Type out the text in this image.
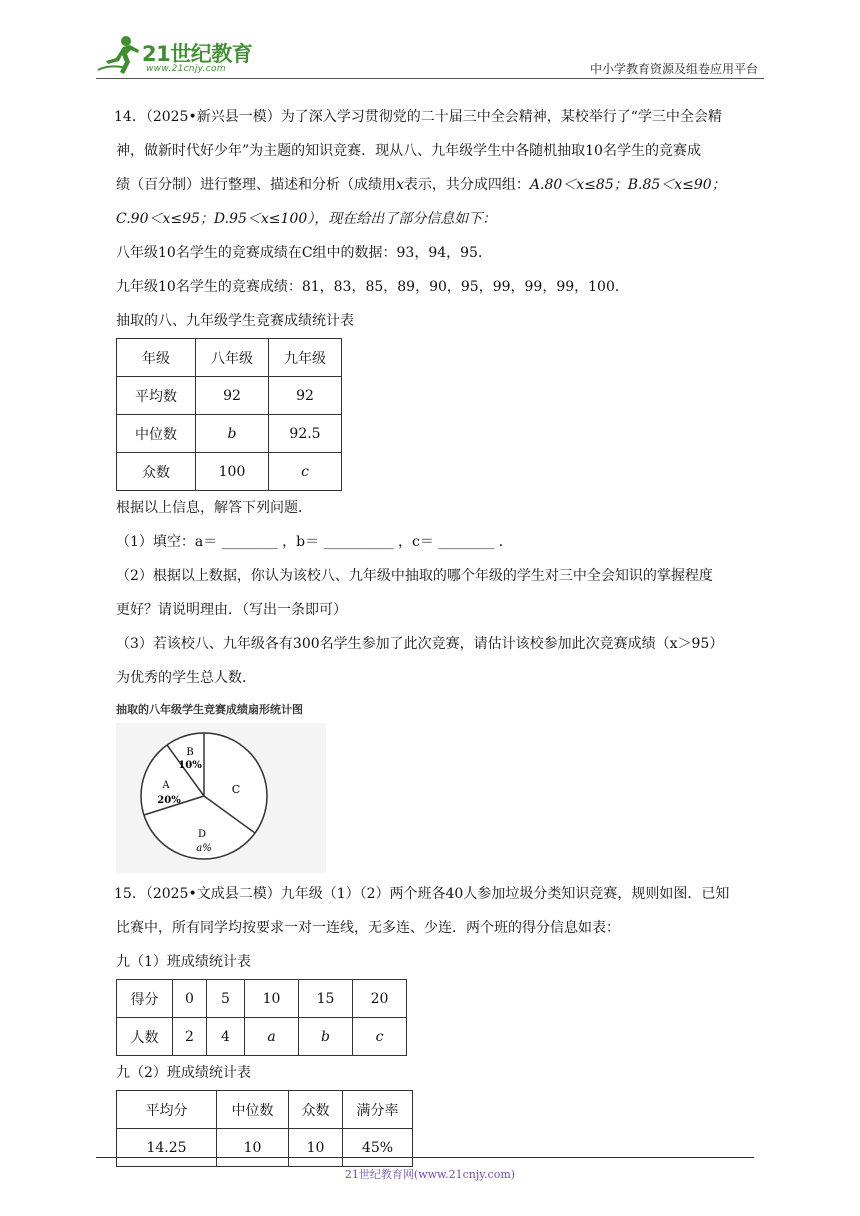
21世纪教育
www.21cnjy.com	中小学教育资源及组卷应用平台
14．（2025•新兴县一模）为了深入学习贯彻党的二十届三中全会精神，某校举行了“学三中全会精
神，做新时代好少年”为主题的知识竞赛．现从八、九年级学生中各随机抽取10名学生的竞赛成
绩（百分制）进行整理、描述和分析（成绩用x表示，共分成四组：A.80＜x≤85；B.85＜x≤90；
C.90＜x≤95；D.95＜x≤100），现在给出了部分信息如下：
八年级10名学生的竞赛成绩在C组中的数据：93，94，95．
九年级10名学生的竞赛成绩：81，83，85，89，90，95，99，99，99，100．
抽取的八、九年级学生竞赛成绩统计表
年级	八年级	九年级
平均数	92	92
中位数	b	92.5
众数	100	c
根据以上信息，解答下列问题．
（1）填空：a＝ ________ ，b＝ __________ ，c＝ ________ ．
（2）根据以上数据，你认为该校八、九年级中抽取的哪个年级的学生对三中全会知识的掌握程度
更好？请说明理由．（写出一条即可）
（3）若该校八、九年级各有300名学生参加了此次竞赛，请估计该校参加此次竞赛成绩（x＞95）
为优秀的学生总人数．
抽取的八年级学生竞赛成绩扇形统计图
B
10%
A
20%
C
D
a%
15．（2025•文成县二模）九年级（1）（2）两个班各40人参加垃圾分类知识竞赛，规则如图．已知
比赛中，所有同学均按要求一对一连线，无多连、少连．两个班的得分信息如表：
九（1）班成绩统计表
得分	0	5	10	15	20
人数	2	4	a	b	c
九（2）班成绩统计表
平均分	中位数	众数	满分率
14.25	10	10	45%
21世纪教育网(www.21cnjy.com)
